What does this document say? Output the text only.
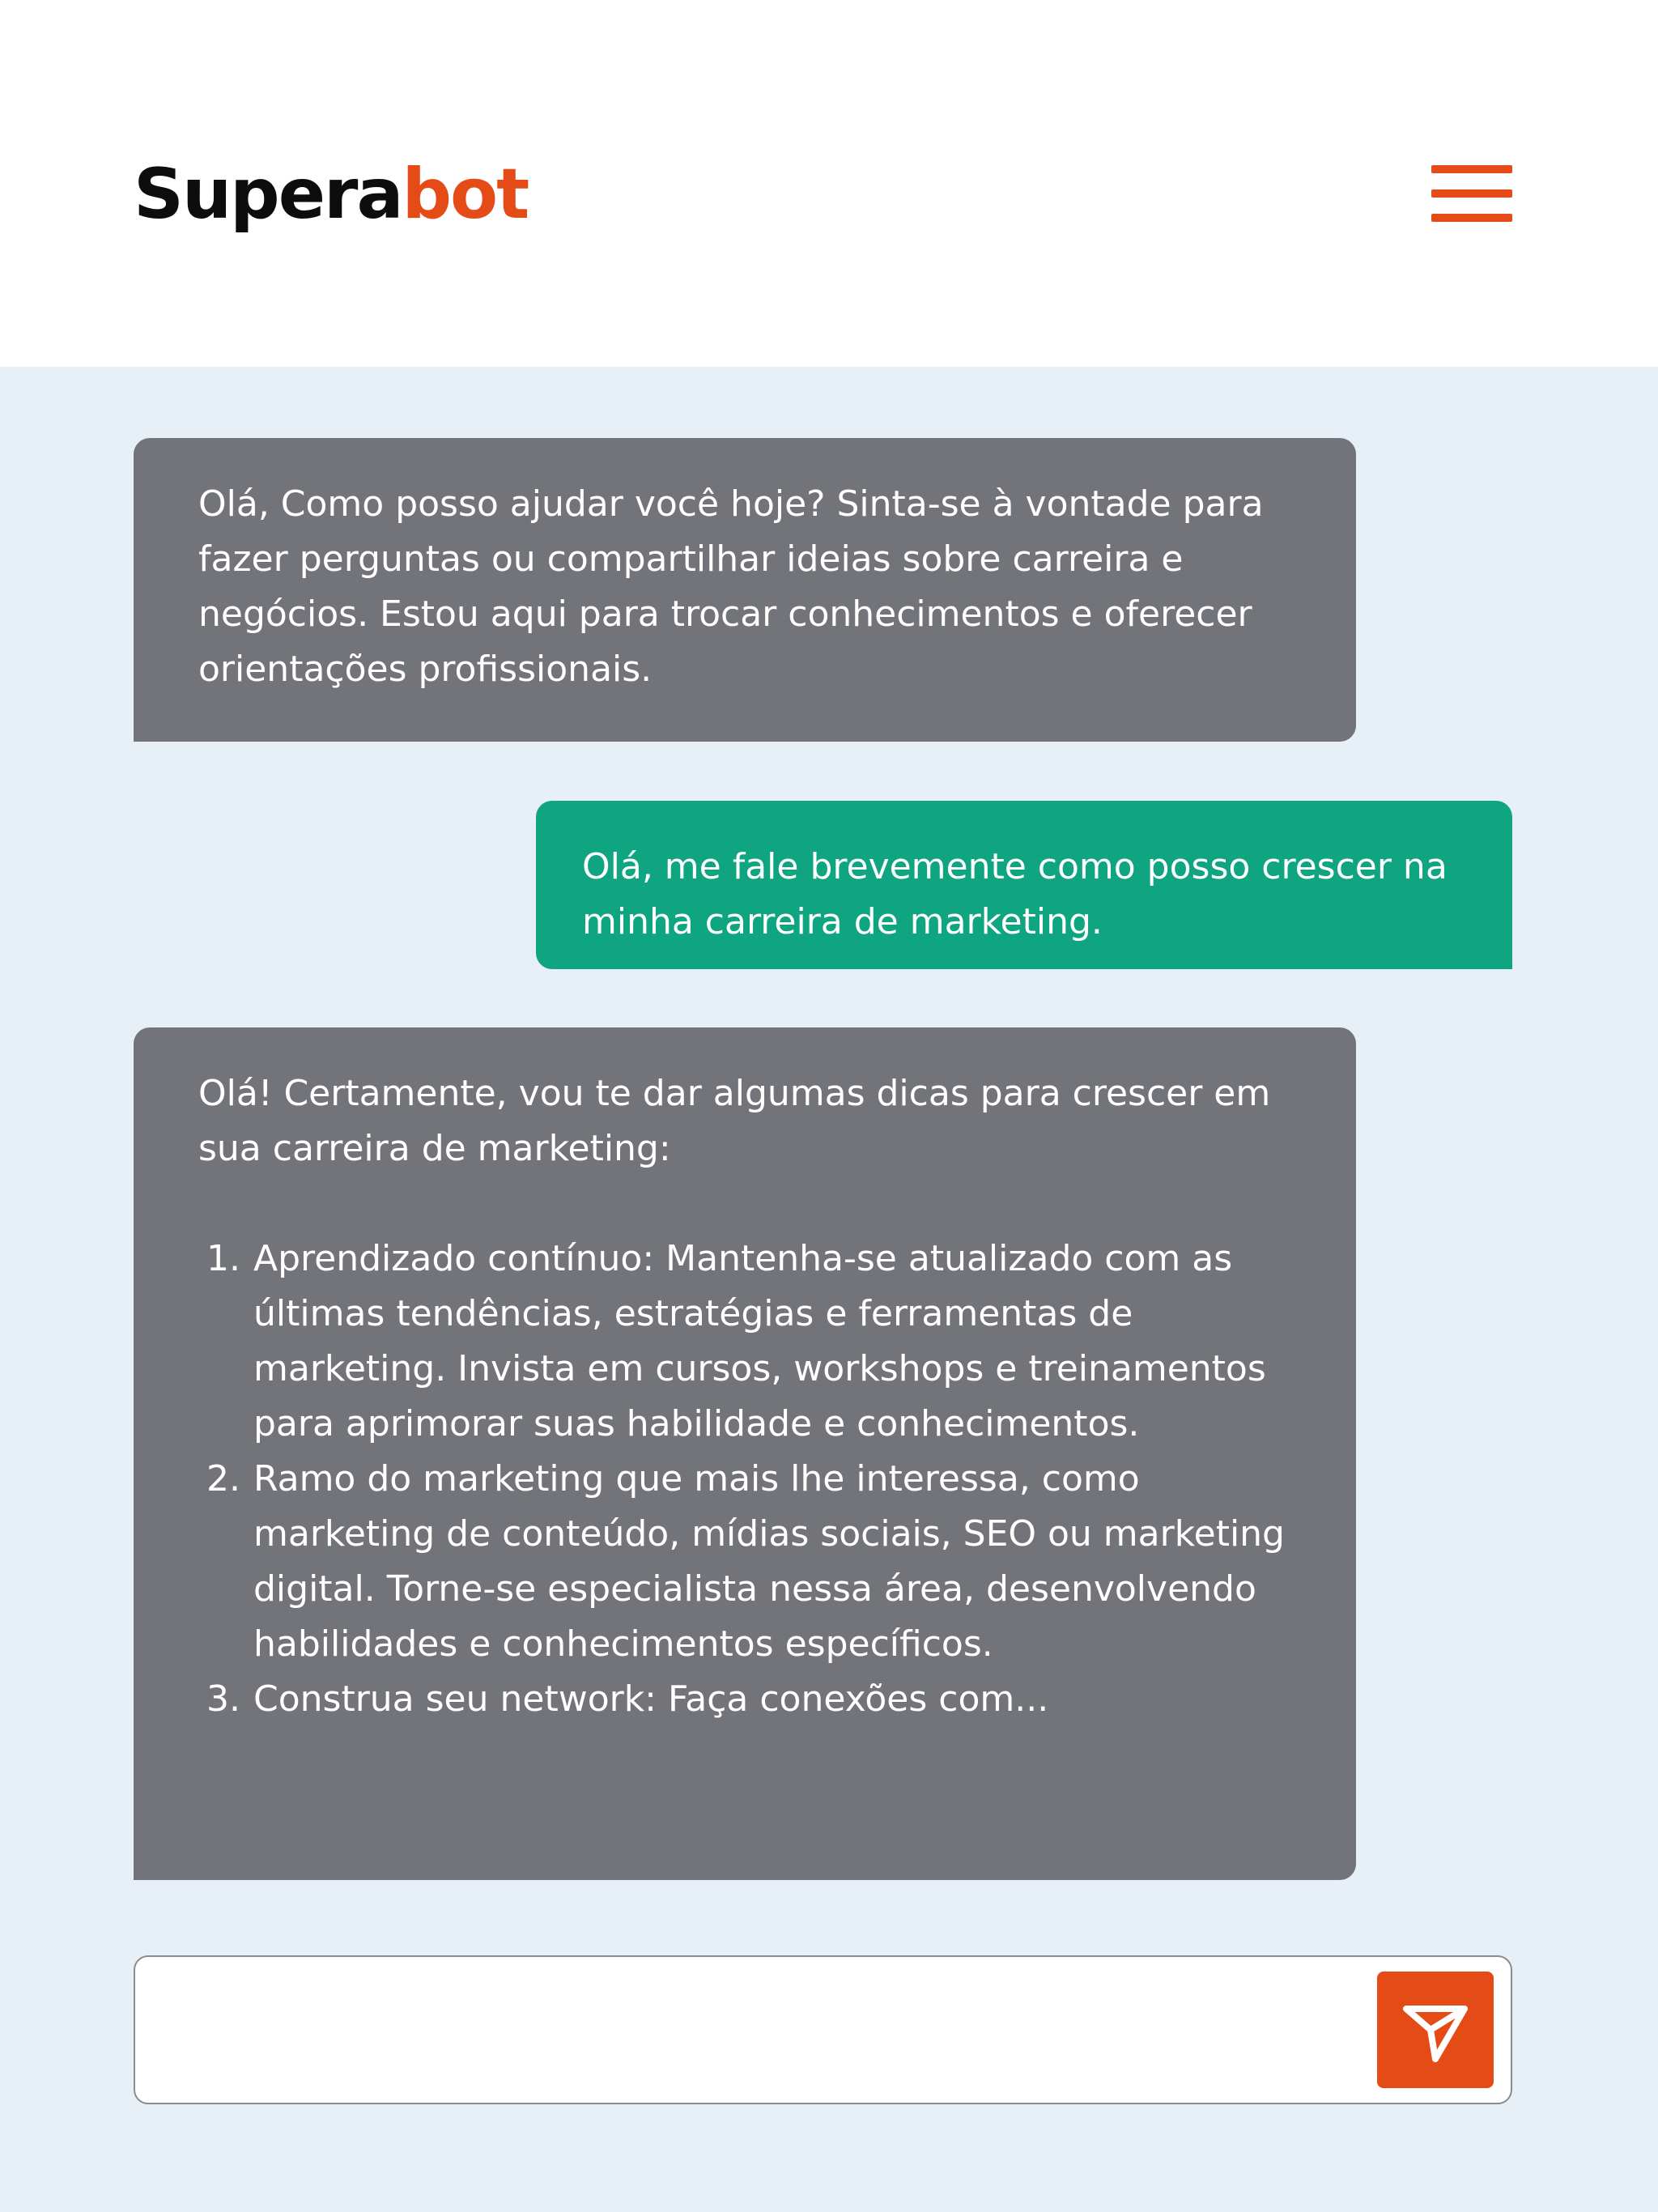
Superabot

Olá, Como posso ajudar você hoje? Sinta-se à vontade para fazer perguntas ou compartilhar ideias sobre carreira e negócios. Estou aqui para trocar conhecimentos e oferecer orientações profissionais.

Olá, me fale brevemente como posso crescer na minha carreira de marketing.

Olá! Certamente, vou te dar algumas dicas para crescer em sua carreira de marketing:

1. Aprendizado contínuo: Mantenha-se atualizado com as últimas tendências, estratégias e ferramentas de marketing. Invista em cursos, workshops e treinamentos para aprimorar suas habilidade e conhecimentos.
2. Ramo do marketing que mais lhe interessa, como marketing de conteúdo, mídias sociais, SEO ou marketing digital. Torne-se especialista nessa área, desenvolvendo habilidades e conhecimentos específicos.
3. Construa seu network: Faça conexões com...
